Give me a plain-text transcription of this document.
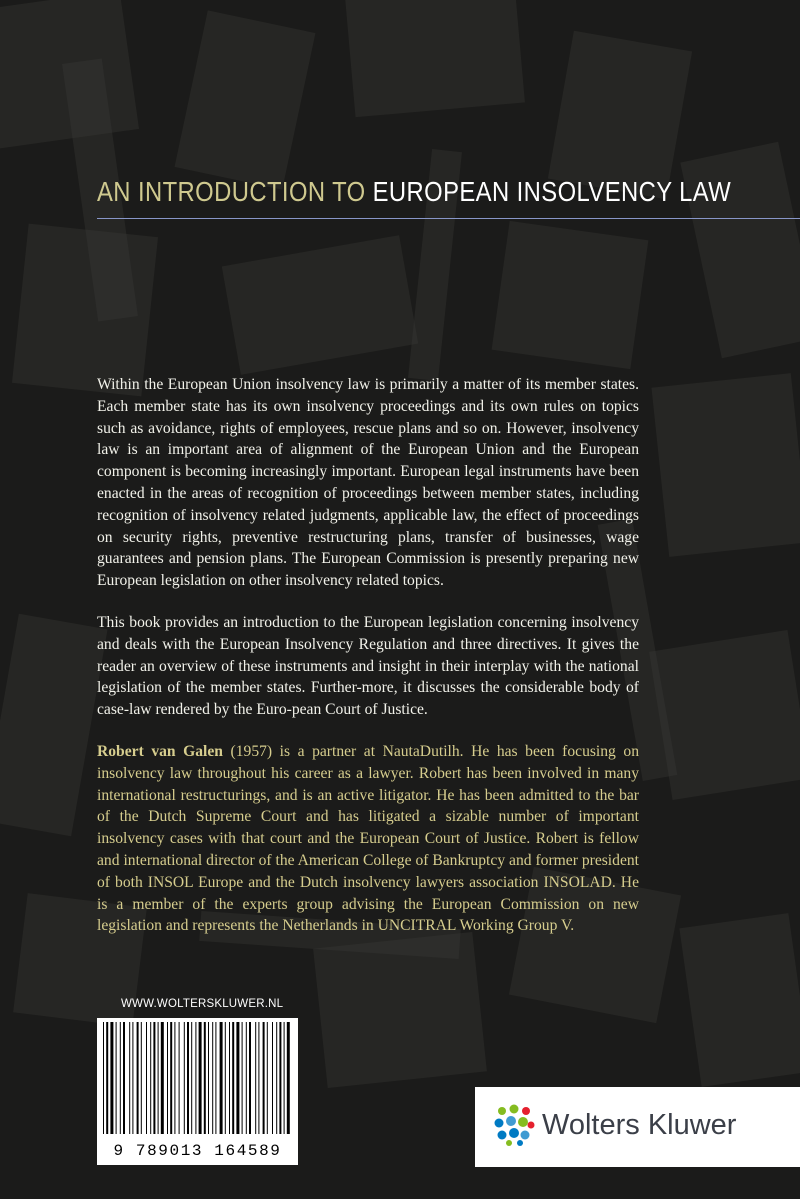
AN INTRODUCTION TO EUROPEAN INSOLVENCY LAW

Within the European Union insolvency law is primarily a matter of its member states. Each member state has its own insolvency proceedings and its own rules on topics such as avoidance, rights of employees, rescue plans and so on. However, insolvency law is an important area of alignment of the European Union and the European component is becoming increasingly important. European legal instruments have been enacted in the areas of recognition of proceedings between member states, including recognition of insolvency related judgments, applicable law, the effect of proceedings on security rights, preventive restructuring plans, transfer of businesses, wage guarantees and pension plans. The European Commission is presently preparing new European legislation on other insolvency related topics.

This book provides an introduction to the European legislation concerning insolvency and deals with the European Insolvency Regulation and three directives. It gives the reader an overview of these instruments and insight in their interplay with the national legislation of the member states. Further-more, it discusses the considerable body of case-law rendered by the Euro-pean Court of Justice.

Robert van Galen (1957) is a partner at NautaDutilh. He has been focusing on insolvency law throughout his career as a lawyer. Robert has been involved in many international restructurings, and is an active litigator. He has been admitted to the bar of the Dutch Supreme Court and has litigated a sizable number of important insolvency cases with that court and the European Court of Justice. Robert is fellow and international director of the American College of Bankruptcy and former president of both INSOL Europe and the Dutch insolvency lawyers association INSOLAD. He is a member of the experts group advising the European Commission on new legislation and represents the Netherlands in UNCITRAL Working Group V.

WWW.WOLTERSKLUWER.NL
9 789013 164589
Wolters Kluwer
